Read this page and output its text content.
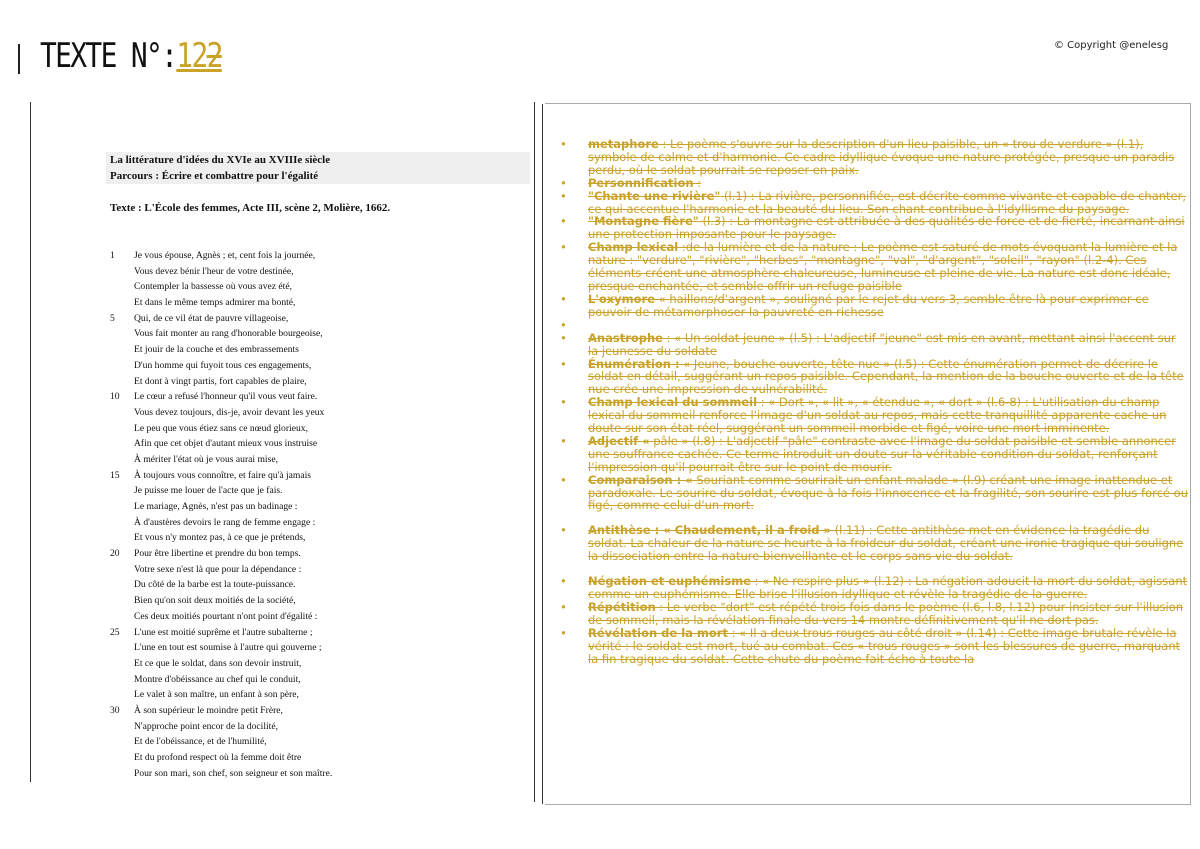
TEXTE N°:122	© Copyright @enelesg
La littérature d'idées du XVIe au XVIIIe siècle
Parcours : Écrire et combattre pour l'égalité
Texte : L'École des femmes, Acte III, scène 2, Molière, 1662.
1	Je vous épouse, Agnès ; et, cent fois la journée,
Vous devez bénir l'heur de votre destinée,
Contempler la bassesse où vous avez été,
Et dans le même temps admirer ma bonté,
5	Qui, de ce vil état de pauvre villageoise,
Vous fait monter au rang d'honorable bourgeoise,
Et jouir de la couche et des embrassements
D'un homme qui fuyoit tous ces engagements,
Et dont à vingt partis, fort capables de plaire,
10	Le cœur a refusé l'honneur qu'il vous veut faire.
Vous devez toujours, dis-je, avoir devant les yeux
Le peu que vous étiez sans ce nœud glorieux,
Afin que cet objet d'autant mieux vous instruise
À mériter l'état où je vous aurai mise,
15	À toujours vous connoître, et faire qu'à jamais
Je puisse me louer de l'acte que je fais.
Le mariage, Agnès, n'est pas un badinage :
À d'austères devoirs le rang de femme engage :
Et vous n'y montez pas, à ce que je prétends,
20	Pour être libertine et prendre du bon temps.
Votre sexe n'est là que pour la dépendance :
Du côté de la barbe est la toute-puissance.
Bien qu'on soit deux moitiés de la société,
Ces deux moitiés pourtant n'ont point d'égalité :
25	L'une est moitié suprême et l'autre subalterne ;
L'une en tout est soumise à l'autre qui gouverne ;
Et ce que le soldat, dans son devoir instruit,
Montre d'obéissance au chef qui le conduit,
Le valet à son maître, un enfant à son père,
30	À son supérieur le moindre petit Frère,
N'approche point encor de la docilité,
Et de l'obéissance, et de l'humilité,
Et du profond respect où la femme doit être
Pour son mari, son chef, son seigneur et son maître.
• metaphore : Le poème s'ouvre sur la description d'un lieu paisible, un « trou de verdure » (l.1), symbole de calme et d'harmonie. Ce cadre idyllique évoque une nature protégée, presque un paradis perdu, où le soldat pourrait se reposer en paix.
• Personnification :
• "Chante une rivière" (l.1) : La rivière, personnifiée, est décrite comme vivante et capable de chanter, ce qui accentue l'harmonie et la beauté du lieu. Son chant contribue à l'idyllisme du paysage.
• "Montagne fière" (l.3) : La montagne est attribuée à des qualités de force et de fierté, incarnant ainsi une protection imposante pour le paysage.
• Champ lexical :de la lumière et de la nature : Le poème est saturé de mots évoquant la lumière et la nature : "verdure", "rivière", "herbes", "montagne", "val", "d'argent", "soleil", "rayon" (l.2-4). Ces éléments créent une atmosphère chaleureuse, lumineuse et pleine de vie. La nature est donc idéale, presque enchantée, et semble offrir un refuge paisible
• L'oxymore « haillons/d'argent », souligné par le rejet du vers 3, semble être là pour exprimer ce pouvoir de métamorphoser la pauvreté en richesse
•
• Anastrophe : « Un soldat jeune » (l.5) : L'adjectif "jeune" est mis en avant, mettant ainsi l'accent sur la jeunesse du soldate
• Énumération : « Jeune, bouche ouverte, tête nue » (l.5) : Cette énumération permet de décrire le soldat en détail, suggérant un repos paisible. Cependant, la mention de la bouche ouverte et de la tête nue crée une impression de vulnérabilité.
• Champ lexical du sommeil : « Dort », « lit », « étendue », « dort » (l.6-8) : L'utilisation du champ lexical du sommeil renforce l'image d'un soldat au repos, mais cette tranquillité apparente cache un doute sur son état réel, suggérant un sommeil morbide et figé, voire une mort imminente.
• Adjectif « pâle » (l.8) : L'adjectif "pâle" contraste avec l'image du soldat paisible et semble annoncer une souffrance cachée. Ce terme introduit un doute sur la véritable condition du soldat, renforçant l'impression qu'il pourrait être sur le point de mourir.
• Comparaison : « Souriant comme sourirait un enfant malade » (l.9) créant une image inattendue et paradoxale. Le sourire du soldat, évoque à la fois l'innocence et la fragilité, son sourire est plus forcé ou figé, comme celui d'un mort.
• Antithèse : « Chaudement, il a froid » (l.11) : Cette antithèse met en évidence la tragédie du soldat. La chaleur de la nature se heurte à la froideur du soldat, créant une ironie tragique qui souligne la dissociation entre la nature bienveillante et le corps sans vie du soldat.
• Négation et euphémisme : « Ne respire plus » (l.12) : La négation adoucit la mort du soldat, agissant comme un euphémisme. Elle brise l'illusion idyllique et révèle la tragédie de la guerre.
• Répétition : Le verbe "dort" est répété trois fois dans le poème (l.6, l.8, l.12) pour insister sur l'illusion de sommeil, mais la révélation finale du vers 14 montre définitivement qu'il ne dort pas.
• Révélation de la mort : « Il a deux trous rouges au côté droit » (l.14) : Cette image brutale révèle la vérité : le soldat est mort, tué au combat. Ces « trous rouges » sont les blessures de guerre, marquant la fin tragique du soldat. Cette chute du poème fait écho à toute la
